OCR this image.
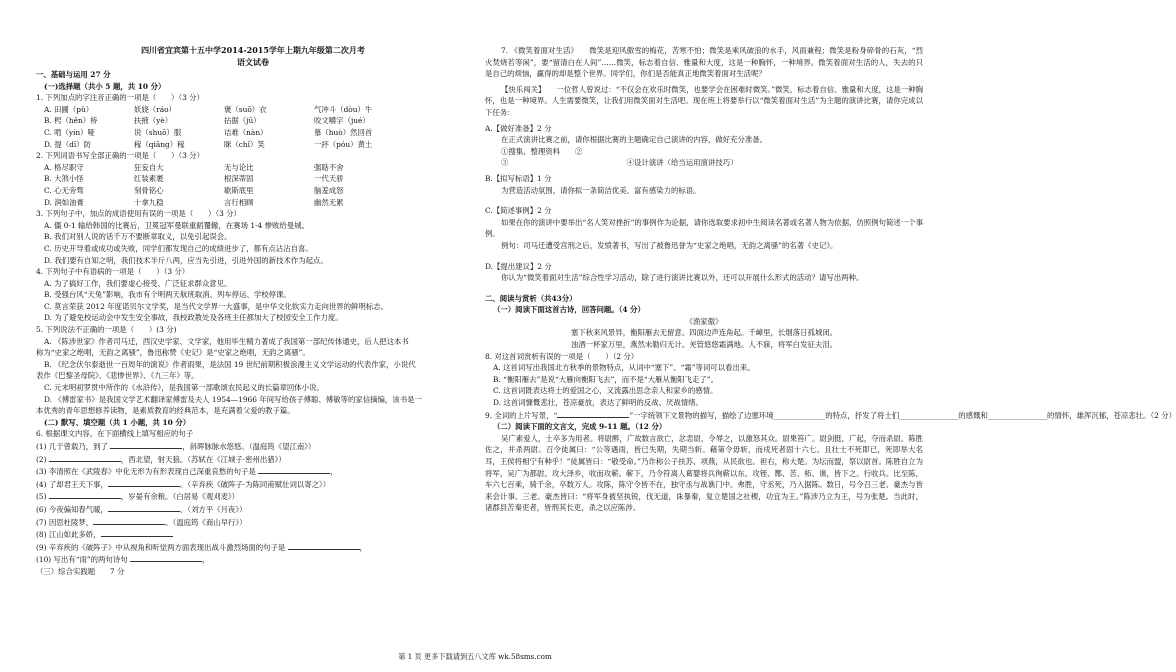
四川省宜宾第十五中学2014-2015学年上期九年级第二次月考
语文试卷
一、基础与运用 27 分
(一)选择题（共小 5 题，共 10 分）
1. 下列加点的字注音正确的一项是（　　）（3 分）
A. 田圃（pǔ）	妖娆（ráo）	褒（suō）衣	气冲斗（dòu）牛
B. 枵（hěn）桥	扶掖（yè）	拈据（jū）	咬文嚼字（jué）
C. 啃（yín）哑	说（shuō）服	诘难（nàn）	慕（huò）然回首
D. 提（dī）防	稼（qiāng）稼	眯（chǐ）笑	一抔（póu）黄土
2. 下列词语书写全部正确的一项是（　　）（3 分）
A. 格尽职守	狂妄自大	无与论比	强聒不舍
B. 大煞小怪	红装素裹	根深蒂固	一代天骄
C. 心无旁骛	刻骨铭心	歇斯底里	脑羞成怒
D. 润如油膏	十拿九稳	言行相顾	幽然无累
3. 下列句子中，加点的成语使用有误的一项是（　　）（3 分）
A. 僵 0-1 输给韩国的比赛后，卫冕冠军曼联重蹈覆辙，在赛场 1-4 惨败给曼城。
B. 我们对别人说的话千万不要断章取义，以免引起误会。
C. 历史开导着或成功或失败，同学们都发现自己的成绩进步了，都有点沾沾自喜。
D. 我们要有自知之明，我们技术半斤八两，应当先引进，引进外国的新技术作为起点。
4. 下列句子中有语病的一项是（　　）（3 分）
A. 为了搞好工作，我们要虚心接受、广泛征求群众意见。
B. 受强台风“天兔”影响，我市有个明两天航班取消、列车停运、学校停课。
C. 莫言荣获 2012 年度诺贝尔文学奖，是当代文学界一大盛事，是中华文化软实力走向世界的鲜明标志。
D. 为了避免校运动会中发生安全事故，我校政教处及各班主任都加大了校园安全工作力度。
5. 下列说法不正确的一项是（　　）(3 分)
A. 《陈涉世家》作者司马迁，西汉史学家、文学家，他用毕生精力著成了我国第一部纪传体通史，后人把这本书
称为“史家之绝唱，无韵之离骚”，鲁迅称赞《史记》是“史家之绝唱，无韵之离骚”。
B. 《纪念伏尔泰逝世一百周年的演说》作者雨果，是法国 19 世纪前期积极浪漫主义文学运动的代表作家，小说代
表作《巴黎圣母院》、《悲惨世界》、《九三年》等。
C. 元末明初罗贯中所作的《水浒传》，是我国第一部歌颂农民起义的长篇章回体小说。
D. 《傅雷家书》是我国文学艺术翻译家傅雷及夫人 1954—1966 年间写给孩子傅聪、傅敏等的家信摘编，该书是一
本优秀的青年思想修养读物，是素质教育的经典范本，是充满着父爱的教子篇。
(二) 默写、填空题（共 1 小题，共 10 分）
6. 根据课文内容，在下面横线上填写相应的句子
(1) 几于曾载乃，到了	，斜晖脉脉水悠悠。（温庭筠《望江南》）
(2)	，西北望，射天狼。（苏轼在《江城子·密州出猎》）
(3) 李清照在《武陵春》中化无形为有形表现自己深重哀愁的句子是	，
(4) 了却君王天下事，	。（辛弃疾《破阵子·为陈同甫赋壮词以寄之》）
(5)	，岁晏有余粮。（白居易《观刈麦》）
(6) 今夜偏知春气暖，	。（刘方平《月夜》）
(7) 因思杜陵梦，	。（温庭筠《商山早行》）
(8) 江山如此多娇，
(9) 辛弃疾的《破阵子》中从视角和听觉两方面表现出战斗激烈场面的句子是	，
(10) 写出有“雨”的两句诗句	，
（三）综合实践题　　7 分
7. 《微笑着面对生活》　　微笑是迎风傲雪的梅花，苦寒不怕；微笑是乘风破浪的水手，风雨兼程；微笑是粉身碎骨的石灰，“烈火焚烧若等闲”，要“留清白在人间”……微笑，标志着自信、雅量和大度，这是一种胸怀，一种境界。微笑着面对生活的人，失去的只是自己的烦恼，赢得的却是整个世界。同学们，你们是否能真正地微笑着面对生活呢？
【快乐闯关】　　一位哲人曾说过：“不仅会在欢乐时微笑，也要学会在困难时微笑。”微笑，标志着自信、雅量和大度，这是一种胸怀，也是一种境界。人生需要微笑，让我们用微笑面对生活吧。现在班上将要举行以“微笑着面对生活”为主题的演讲比赛，请你完成以下任务：
A.【做好准备】2 分
在正式演讲比赛之前，请你根据比赛的主题确定自己演讲的内容，做好充分准备。
①搜集、整理资料　　②
③　　　　　　　　　　　　　　　　④设计演讲（给当运用演讲技巧）
B.【拟写标语】1 分
为营造活动氛围，请你拟一条简洁优美、富有感染力的标语。
C.【简述事例】2 分
如果在你的演讲中要举出“名人笑对挫折”的事例作为论据，请你选取要求初中生阅读名著或名著人物为依据，仿照例句简述一个事例。
例句：司马迁遭受宫刑之后，发愤著书，写出了被鲁迅誉为“史家之绝唱，无韵之离骚”的名著《史记》。
D.【提出建议】2 分
你认为“微笑着面对生活”综合性学习活动，除了进行演讲比赛以外，还可以开展什么形式的活动？请写出两种。
二、阅读与赏析（共43分）
（一）阅读下面这首古诗，回答问题。（4 分）
《渔家傲》
塞下秋来风景异，衡阳雁去无留意。四面边声连角起。千嶂里，长烟落日孤城闭。
浊酒一杯家万里，燕然未勒归无计。羌管悠悠霜满地。人不寐，将军白发征夫泪。
8. 对这首词赏析有误的一项是（　　）（2 分）
A. 这首词写出我国北方秋季的景物特点，从词中“塞下”、“霜”等词可以看出来。
B. “衡阳雁去”是说“大雁向衡阳飞去”，而不是“大雁从衡阳飞走了”。
C. 这首词既表达将士的爱国之心，又流露出思念亲人和家乡的感情。
D. 这首词慷慨悲壮，苍凉豪放，表达了鲜明的反战、厌战情绪。
9. 全词的上片写景，“	”一字统领下文景物的描写，描绘了边塞环境______________的特点，抒发了将士们________________的感慨和________________的情怀，雄浑沉郁，苍凉悲壮。（2 分）
（二）阅读下面的文言文，完成 9-11 题。（12 分）
吴广素爱人，士卒多为用者。将尉醉，广故数言欲亡，忿恚尉，令辱之，以激怒其众。尉果笞广。尉剑挺，广起，夺而杀尉。陈胜佐之，并杀两尉。召令徒属曰：“公等遇雨，皆已失期，失期当斩。藉第令毋斩，而戍死者固十六七。且壮士不死即已，死即举大名耳，王侯将相宁有种乎！”徒属皆曰：“敬受命。”乃诈称公子扶苏、项燕，从民欲也。袒右，称大楚。为坛而盟，祭以尉首。陈胜自立为将军，吴广为都尉。攻大泽乡，收而攻蕲。蕲下，乃令符离人葛婴将兵徇蕲以东。攻铚、酂、苦、柘、谯，皆下之。行收兵。比至陈，车六七百乘，骑千余，卒数万人。攻陈，陈守令皆不在，独守丞与战谯门中。弗胜，守丞死，乃入据陈。数日，号令召三老、豪杰与皆来会计事。三老、豪杰皆曰：“将军身被坚执锐，伐无道，诛暴秦，复立楚国之社稷，功宜为王。”陈涉乃立为王，号为张楚。当此时，诸郡县苦秦吏者，皆刑其长吏，杀之以应陈涉。
第 1 页 更多下载请到五八文库 wk.58sms.com
